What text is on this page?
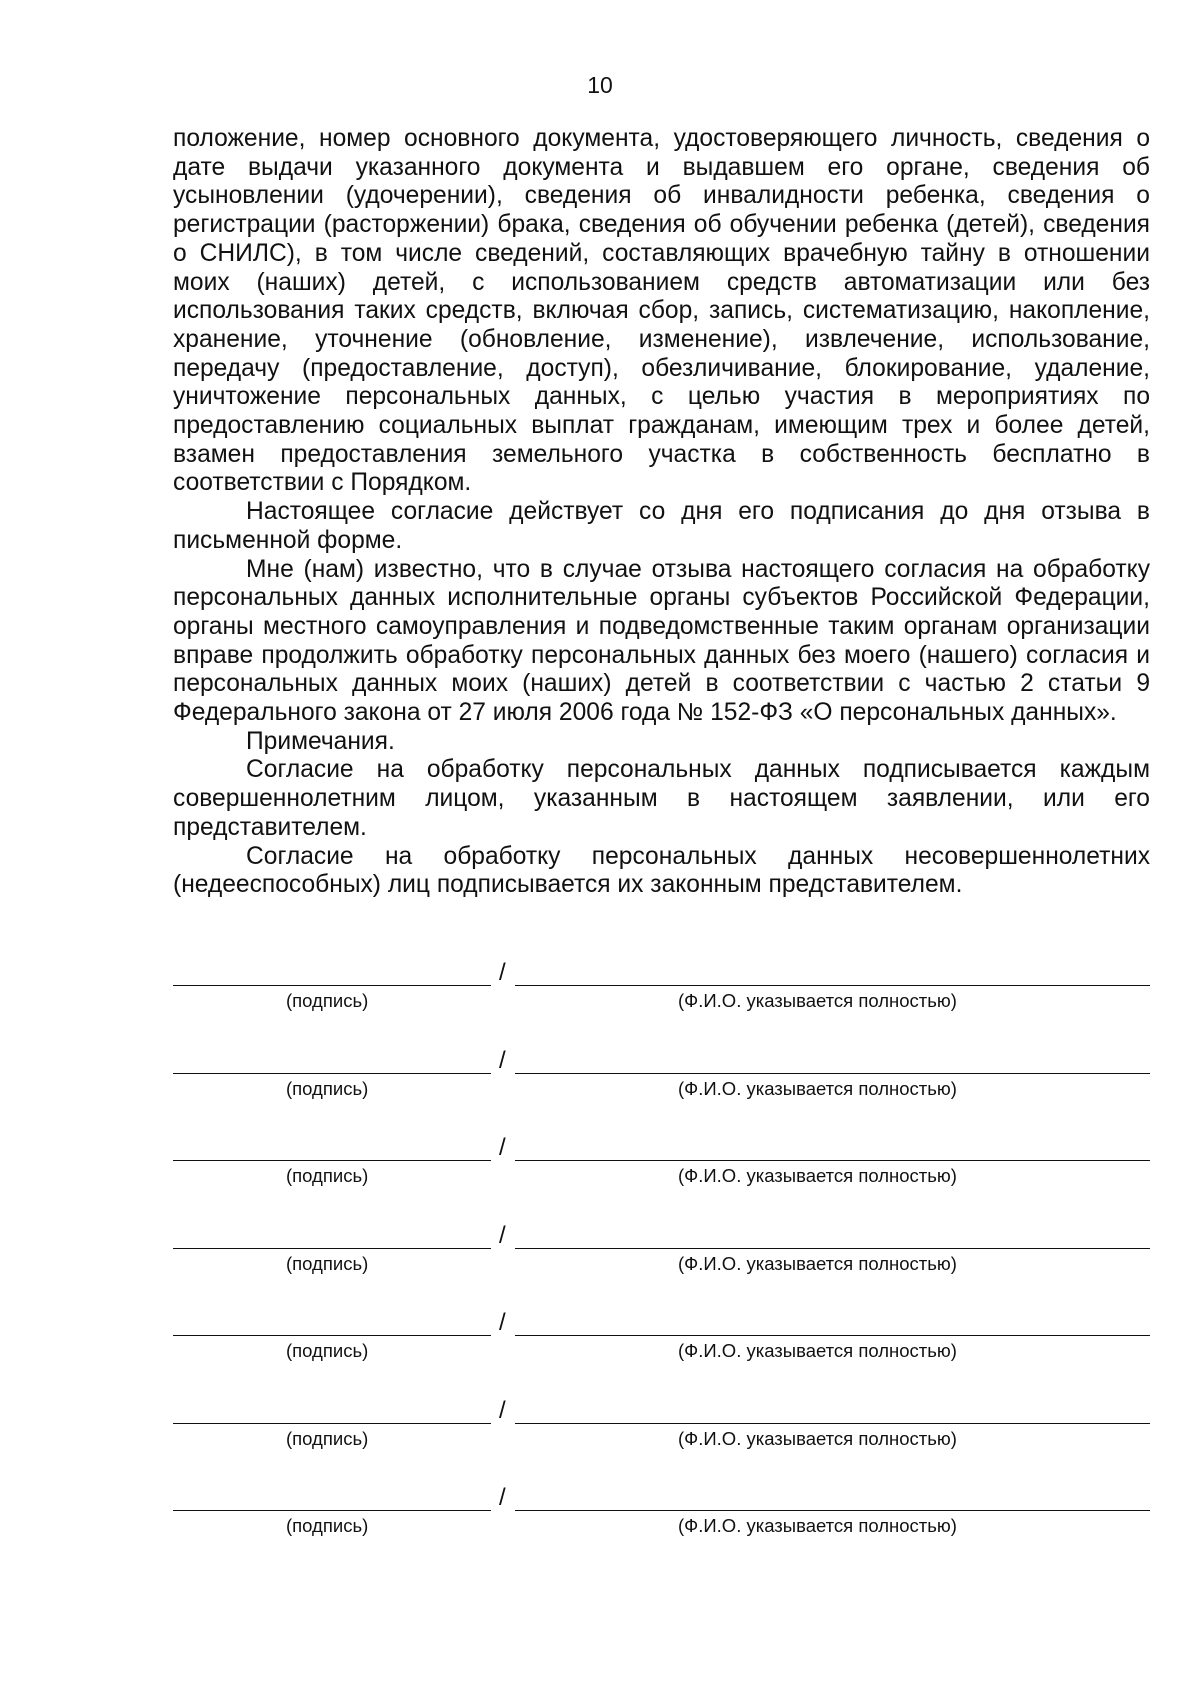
10

положение, номер основного документа, удостоверяющего личность, сведения о дате выдачи указанного документа и выдавшем его органе, сведения об усыновлении (удочерении), сведения об инвалидности ребенка, сведения о регистрации (расторжении) брака, сведения об обучении ребенка (детей), сведения о СНИЛС), в том числе сведений, составляющих врачебную тайну в отношении моих (наших) детей, с использованием средств автоматизации или без использования таких средств, включая сбор, запись, систематизацию, накопление, хранение, уточнение (обновление, изменение), извлечение, использование, передачу (предоставление, доступ), обезличивание, блокирование, удаление, уничтожение персональных данных, с целью участия в мероприятиях по предоставлению социальных выплат гражданам, имеющим трех и более детей, взамен предоставления земельного участка в собственность бесплатно в соответствии с Порядком.

Настоящее согласие действует со дня его подписания до дня отзыва в письменной форме.

Мне (нам) известно, что в случае отзыва настоящего согласия на обработку персональных данных исполнительные органы субъектов Российской Федерации, органы местного самоуправления и подведомственные таким органам организации вправе продолжить обработку персональных данных без моего (нашего) согласия и персональных данных моих (наших) детей в соответствии с частью 2 статьи 9 Федерального закона от 27 июля 2006 года № 152-ФЗ «О персональных данных».

Примечания.

Согласие на обработку персональных данных подписывается каждым совершеннолетним лицом, указанным в настоящем заявлении, или его представителем.

Согласие на обработку персональных данных несовершеннолетних (недееспособных) лиц подписывается их законным представителем.

/
(подпись)	(Ф.И.О. указывается полностью)
/
(подпись)	(Ф.И.О. указывается полностью)
/
(подпись)	(Ф.И.О. указывается полностью)
/
(подпись)	(Ф.И.О. указывается полностью)
/
(подпись)	(Ф.И.О. указывается полностью)
/
(подпись)	(Ф.И.О. указывается полностью)
/
(подпись)	(Ф.И.О. указывается полностью)
